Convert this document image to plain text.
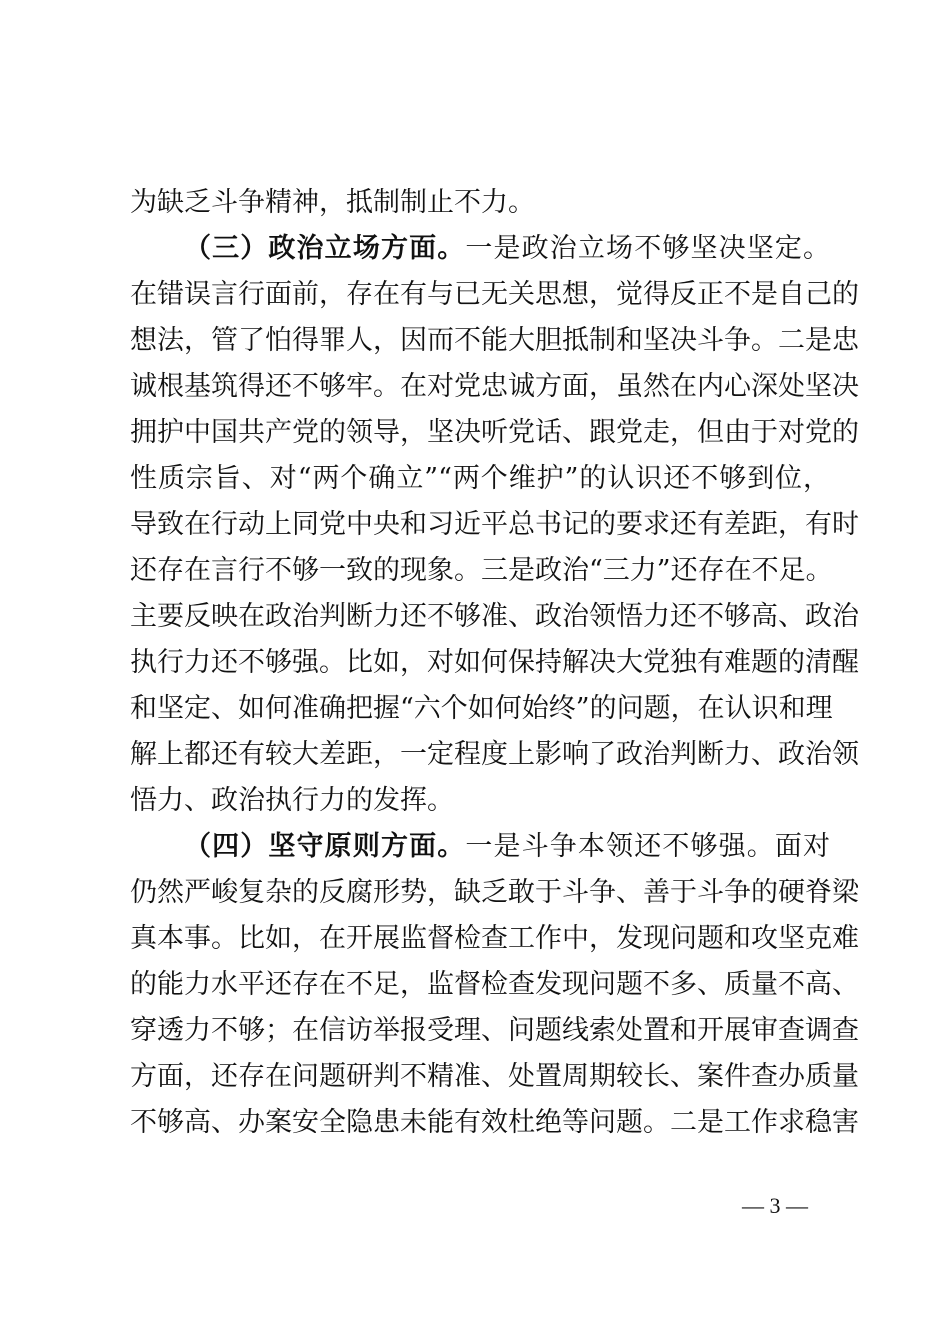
为缺乏斗争精神，抵制制止不力。
（三）政治立场方面。一是政治立场不够坚决坚定。
在错误言行面前，存在有与已无关思想，觉得反正不是自己的
想法，管了怕得罪人，因而不能大胆抵制和坚决斗争。二是忠
诚根基筑得还不够牢。在对党忠诚方面，虽然在内心深处坚决
拥护中国共产党的领导，坚决听党话、跟党走，但由于对党的
性质宗旨、对“两个确立”“两个维护”的认识还不够到位，
导致在行动上同党中央和习近平总书记的要求还有差距，有时
还存在言行不够一致的现象。三是政治“三力”还存在不足。
主要反映在政治判断力还不够准、政治领悟力还不够高、政治
执行力还不够强。比如，对如何保持解决大党独有难题的清醒
和坚定、如何准确把握“六个如何始终”的问题，在认识和理
解上都还有较大差距，一定程度上影响了政治判断力、政治领
悟力、政治执行力的发挥。
（四）坚守原则方面。一是斗争本领还不够强。面对
仍然严峻复杂的反腐形势，缺乏敢于斗争、善于斗争的硬脊梁
真本事。比如，在开展监督检查工作中，发现问题和攻坚克难
的能力水平还存在不足，监督检查发现问题不多、质量不高、
穿透力不够；在信访举报受理、问题线索处置和开展审查调查
方面，还存在问题研判不精准、处置周期较长、案件查办质量
不够高、办案安全隐患未能有效杜绝等问题。二是工作求稳害
— 3 —
